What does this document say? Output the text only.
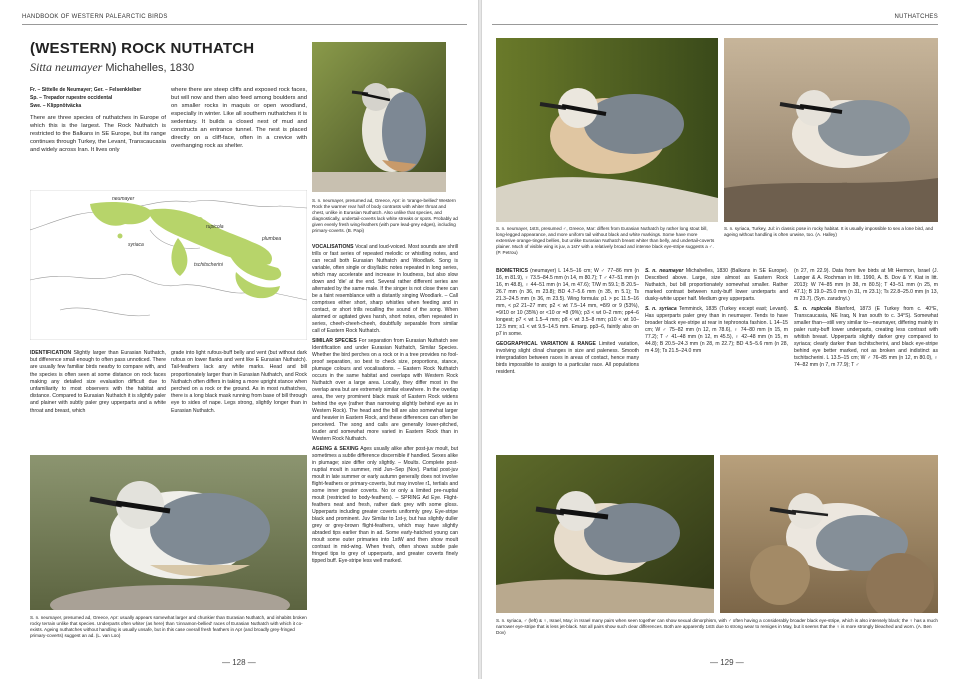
HANDBOOK OF WESTERN PALEARCTIC BIRDS
(WESTERN) ROCK NUTHATCH
Sitta neumayer Michahelles, 1830
Fr. – Sittelle de Neumayer; Ger. – Felsenkleiber
Sp. – Trepador rupestre occidental
Swe. – Klippnötväcka
There are three species of nuthatches in Europe of which this is the largest. The Rock Nuthatch is restricted to the Balkans in SE Europe, but its range continues through Turkey, the Levant, Transcaucasia and widely across Iran. It lives only
where there are steep cliffs and exposed rock faces, but will now and then also feed among boulders and on smaller rocks in maquis or open woodland, especially in winter. Like all southern nuthatches it is sedentary. It builds a closed nest of mud and constructs an entrance tunnel. The nest is placed directly on a cliff-face, often in a crevice with overhanging rock as shelter.
neumayer
syriaca
rupicola
tschitscherini
plumbea
IDENTIFICATION Slightly larger than Eurasian Nuthatch, but difference small enough to often pass unnoticed. There are usually few familiar birds nearby to compare with, and the species is often seen at some distance on rock faces making any detailed size evaluation difficult due to unfamiliarity to most observers with the habitat and distance. Compared to Eurasian Nuthatch it is slightly paler and plainer with subtly paler grey upperparts and a white throat and breast, which
grade into light rufous-buff belly and vent (but without dark rufous on lower flanks and vent like E Eurasian Nuthatch). Tail-feathers lack any white marks. Head and bill proportionately larger than in Eurasian Nuthatch, and Rock Nuthatch often differs in taking a more upright stance when perched on a rock or the ground. As in most nuthatches, there is a long black mask running from base of bill through eye to sides of nape. Legs strong, slightly longer than in Eurasian Nuthatch.
S. n. neumayer, presumed ad, Greece, Apr: in 'orange-bellied' Western Rock the warmer rear half of body contrasts with whiter throat and chest, unlike in Eurasian Nuthatch. Also unlike that species, and diagnostically, undertail-coverts lack white streaks or spots. Probably ad given evenly fresh wing-feathers (with pure lead-grey edges), including primary-coverts. (B. Papi)

VOCALISATIONS Vocal and loud-voiced. Most sounds are shrill trills or fast series of repeated melodic or whistling notes, and can recall both Eurasian Nuthatch and Woodlark. Song is variable, often single or disyllabic notes repeated in long series, which may accelerate and increase in loudness, but also slow down and 'die' at the end. Several rather different series are alternated by the same male. If the singer is not close there can be a faint resemblance with a distantly singing Woodlark. – Call comprises either short, sharp whistles when feeding and in contact, or short trills recalling the sound of the song. When alarmed or agitated gives harsh, short notes, often repeated in series, cheeh-cheeh-cheeh, doubtfully separable from similar call of Eastern Rock Nuthatch.

SIMILAR SPECIES For separation from Eurasian Nuthatch see Identification and under Eurasian Nuthatch, Similar Species. Whether the bird perches on a rock or in a tree provides no fool-proof separation, so best to check size, proportions, stance, plumage colours and vocalisations. – Eastern Rock Nuthatch occurs in the same habitat and overlaps with Western Rock Nuthatch over a large area. Locally, they differ most in the overlap area but are extremely similar elsewhere. In the overlap area, the very prominent black mask of Eastern Rock widens behind the eye (rather than narrowing slightly behind eye as in Western Rock). The head and the bill are also somewhat larger and heavier in Eastern Rock, and these differences can often be perceived. The song and calls are generally lower-pitched, louder and somewhat more varied in Eastern Rock than in Western Rock Nuthatch.

AGEING & SEXING Ages usually alike after post-juv moult, but sometimes a subtle difference discernible if handled. Sexes alike in plumage; size differ only slightly. – Moults. Complete post-nuptial moult in summer, mid Jun–Sep (Nov). Partial post-juv moult in late summer or early autumn generally does not involve flight-feathers or primary-coverts, but may involve r1, tertials and some inner greater coverts. No or only a limited pre-nuptial moult (restricted to body-feathers). – SPRING Ad Eye. Flight-feathers neat and fresh, rather dark grey with some gloss. Upperparts including greater coverts uniformly grey. Eye-stripe black and prominent. Juv Similar to 1st-y, but has slightly duller grey or grey-brown flight-feathers, which may have slightly abraded tips earlier than in ad. Some early-hatched young can moult some outer primaries into 1stW and then show moult contrast in mid-wing. When fresh, often shows subtle pale fringed tips to grey of upperparts, and greater coverts finely tipped buff. Eye-stripe less well marked.

S. n. neumayer, presumed ad, Greece, Apr: usually appears somewhat larger and chunkier than Eurasian Nuthatch, and inhabits broken rocky terrain unlike that species. Underparts often whiter (as here) than 'cinnamon-bellied' races of Eurasian Nuthatch with which it co-exists. Ageing nuthatches without handling is usually unsafe, but in this case overall fresh feathers in Apr (and broadly grey-fringed primary-coverts) suggest an ad. (L. van Loo)
— 128 —
NUTHATCHES
S. n. neumayer, 1stS, presumed ♂, Greece, Mar: differs from Eurasian Nuthatch by rather long stout bill, long-legged appearance, and more uniform tail without black and white markings. Some have more extensive orange-tinged bellies, but unlike Eurasian Nuthatch breast whiter than belly, and undertail-coverts plainer. Much of visible wing is juv, a 1stY with a relatively broad and intense black eye-stripe suggests a ♂. (P. Petrou)
S. n. syriaca, Turkey, Jul: in classic pose in rocky habitat. It is usually impossible to sex a lone bird, and ageing without handling is often unwise, too. (A. Halley)

BIOMETRICS (neumayer) L 14.5–16 cm; W ♂ 77–86 mm (n 16, m 81.9), ♀ 73.5–84.5 mm (n 14, m 80.7); T ♂ 47–51 mm (n 16, m 48.8), ♀ 44–51 mm (n 14, m 47.6); T/W m 59.1; B 20.5–26.7 mm (n 36, m 23.8); BD 4.7–5.6 mm (n 35, m 5.1); Ts 21.3–24.5 mm (n 36, m 23.5). Wing formula: p1 > pc 11.5–16 mm, < p2 21–27 mm; p2 < wt 7.5–14 mm, =8/9 or 9 (53%), =9/10 or 10 (35%) or <10 or =8 (9%); p3 < wt 0–2 mm; pp4–6 longest; p7 < wt 1.5–4 mm; p8 < wt 3.5–8 mm; p10 < wt 10–12.5 mm; s1 < wt 9.5–14.5 mm. Emarg. pp3–6, faintly also on p7 in some.

GEOGRAPHICAL VARIATION & RANGE Limited variation, involving slight clinal changes in size and paleness. Smooth intergradation between races in areas of contact, hence many birds impossible to assign to a particular race. All populations resident.

S. n. neumayer Michahelles, 1830 (Balkans in SE Europe). Described above. Large, size almost as Eastern Rock Nuthatch, but bill proportionately somewhat smaller. Rather marked contrast between rusty-buff lower underparts and dusky-white upper half. Medium grey upperparts.

S. n. syriaca Temminck, 1835 (Turkey except east; Levant). Has upperparts paler grey than in neumayer. Tends to have broader black eye-stripe at rear in tephronota fashion. L 14–15 cm; W ♂ 75–82 mm (n 12, m 78.6), ♀ 74–80 mm (n 15, m 77.2); T ♂ 41–48 mm (n 12, m 45.5), ♀ 42–48 mm (n 15, m 44.8); B 20.5–24.3 mm (n 28, m 22.7); BD 4.5–5.6 mm (n 28, m 4.9); Ts 21.5–24.0 mm

(n 27, m 22.9). Data from live birds at Mt Hermon, Israel (J. Langer & A. Rochman in litt. 1990, A. B. Dov & Y. Kiat in litt. 2013): W 74–85 mm (n 38, m 80.5); T 43–51 mm (n 25, m 47.1); B 19.0–25.0 mm (n 31, m 23.1); Ts 22.8–25.0 mm (n 13, m 23.7). (Syn. zarudnyi.)

S. n. rupicola Blanford, 1873 (E Turkey from c. 40°E, Transcaucasia, NE Iraq, N Iran south to c. 34°S). Somewhat smaller than—still very similar to—neumayer, differing mainly in paler rusty-buff lower underparts, creating less contrast with whitish breast. Upperparts slightly darker grey compared to syriaca; clearly darker than tschitscherini, and black eye-stripe behind eye better marked, not as broken and indistinct as tschitscherini. L 13.5–15 cm; W ♂ 76–85 mm (n 12, m 80.0), ♀ 74–82 mm (n 7, m 77.9); T ♂

S. n. syriaca, ♂ (left) & ♀, Israel, May: in Israel many pairs when seen together can show sexual dimorphism, with ♂ often having a considerably broader black eye-stripe, which is also intensely black; the ♀ has a much narrower eye-stripe that is less jet-black. Not all pairs show such clear differences. Both are apparently 1stS due to strong wear to remiges in May, but it seems that the ♀ is more strongly bleached and worn. (A. Ben Dov)
— 129 —
